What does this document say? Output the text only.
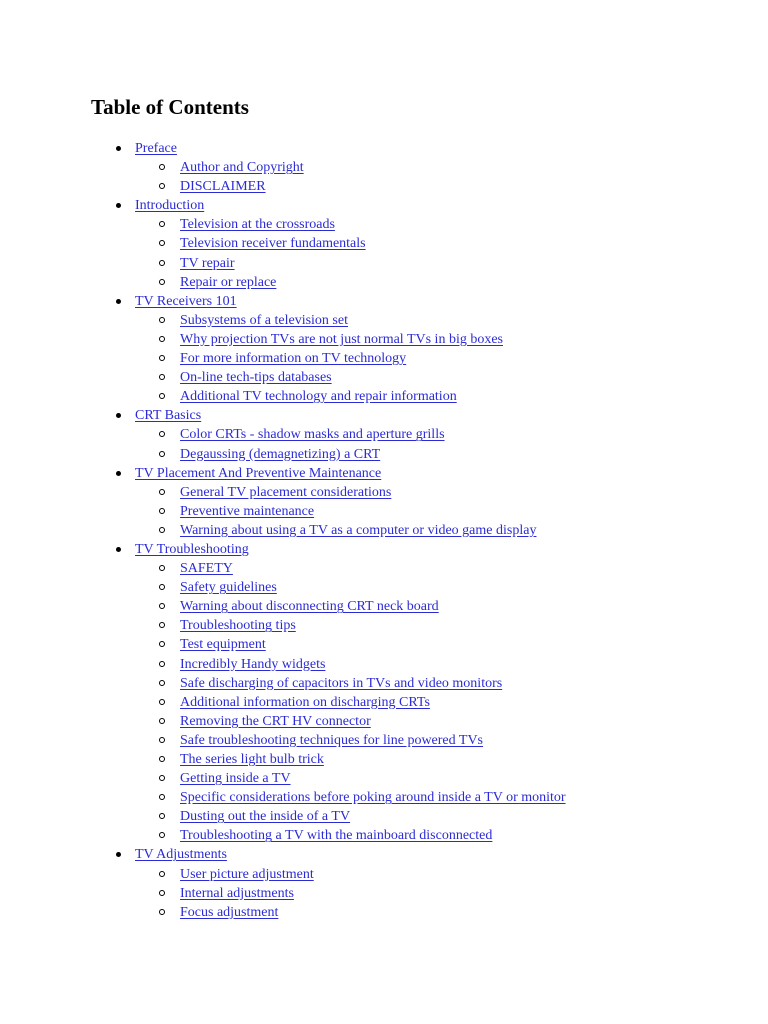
Table of Contents
Preface
Author and Copyright
DISCLAIMER
Introduction
Television at the crossroads
Television receiver fundamentals
TV repair
Repair or replace
TV Receivers 101
Subsystems of a television set
Why projection TVs are not just normal TVs in big boxes
For more information on TV technology
On-line tech-tips databases
Additional TV technology and repair information
CRT Basics
Color CRTs - shadow masks and aperture grills
Degaussing (demagnetizing) a CRT
TV Placement And Preventive Maintenance
General TV placement considerations
Preventive maintenance
Warning about using a TV as a computer or video game display
TV Troubleshooting
SAFETY
Safety guidelines
Warning about disconnecting CRT neck board
Troubleshooting tips
Test equipment
Incredibly Handy widgets
Safe discharging of capacitors in TVs and video monitors
Additional information on discharging CRTs
Removing the CRT HV connector
Safe troubleshooting techniques for line powered TVs
The series light bulb trick
Getting inside a TV
Specific considerations before poking around inside a TV or monitor
Dusting out the inside of a TV
Troubleshooting a TV with the mainboard disconnected
TV Adjustments
User picture adjustment
Internal adjustments
Focus adjustment
